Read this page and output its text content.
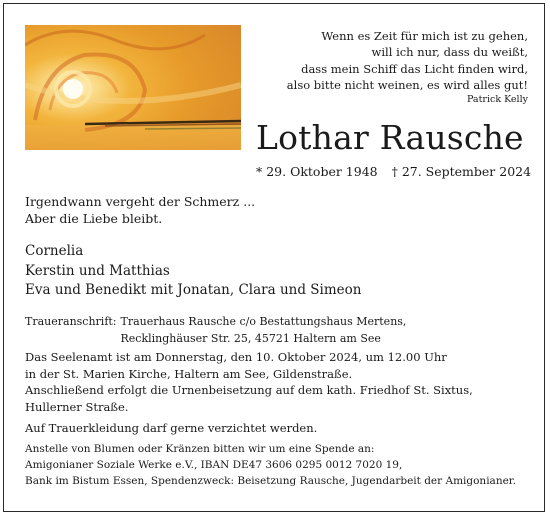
Wenn es Zeit für mich ist zu gehen,
will ich nur, dass du weißt,
dass mein Schiff das Licht finden wird,
also bitte nicht weinen, es wird alles gut!
Patrick Kelly
Lothar Rausche
* 29. Oktober 1948 † 27. September 2024
Irgendwann vergeht der Schmerz ...
Aber die Liebe bleibt.
Cornelia
Kerstin und Matthias
Eva und Benedikt mit Jonatan, Clara und Simeon
Traueranschrift: Trauerhaus Rausche c/o Bestattungshaus Mertens,
Recklinghäuser Str. 25, 45721 Haltern am See
Das Seelenamt ist am Donnerstag, den 10. Oktober 2024, um 12.00 Uhr
in der St. Marien Kirche, Haltern am See, Gildenstraße.
Anschließend erfolgt die Urnenbeisetzung auf dem kath. Friedhof St. Sixtus,
Hullerner Straße.
Auf Trauerkleidung darf gerne verzichtet werden.
Anstelle von Blumen oder Kränzen bitten wir um eine Spende an:
Amigonianer Soziale Werke e.V., IBAN DE47 3606 0295 0012 7020 19,
Bank im Bistum Essen, Spendenzweck: Beisetzung Rausche, Jugendarbeit der Amigonianer.
